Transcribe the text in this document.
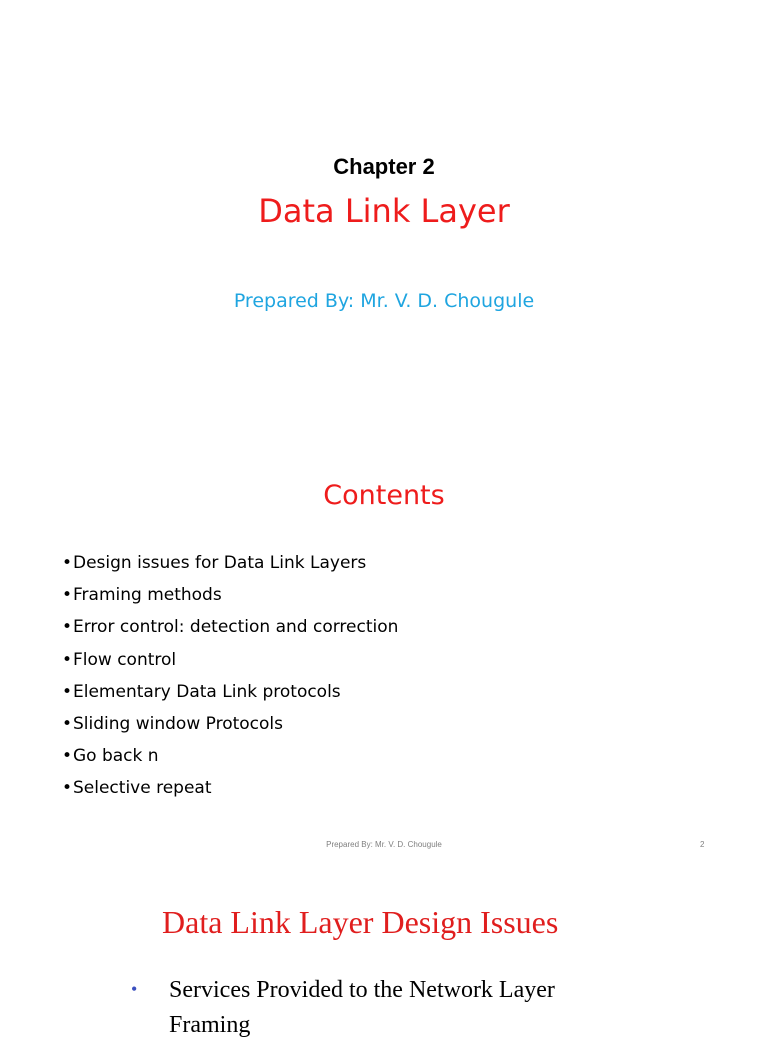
Chapter 2
Data Link Layer
Prepared By: Mr. V. D. Chougule
Contents
•Design issues for Data Link Layers
•Framing methods
•Error control: detection and correction
•Flow control
•Elementary Data Link protocols
•Sliding window Protocols
•Go back n
•Selective repeat
Prepared By: Mr. V. D. Chougule	2
Data Link Layer Design Issues
• Services Provided to the Network Layer
Framing
